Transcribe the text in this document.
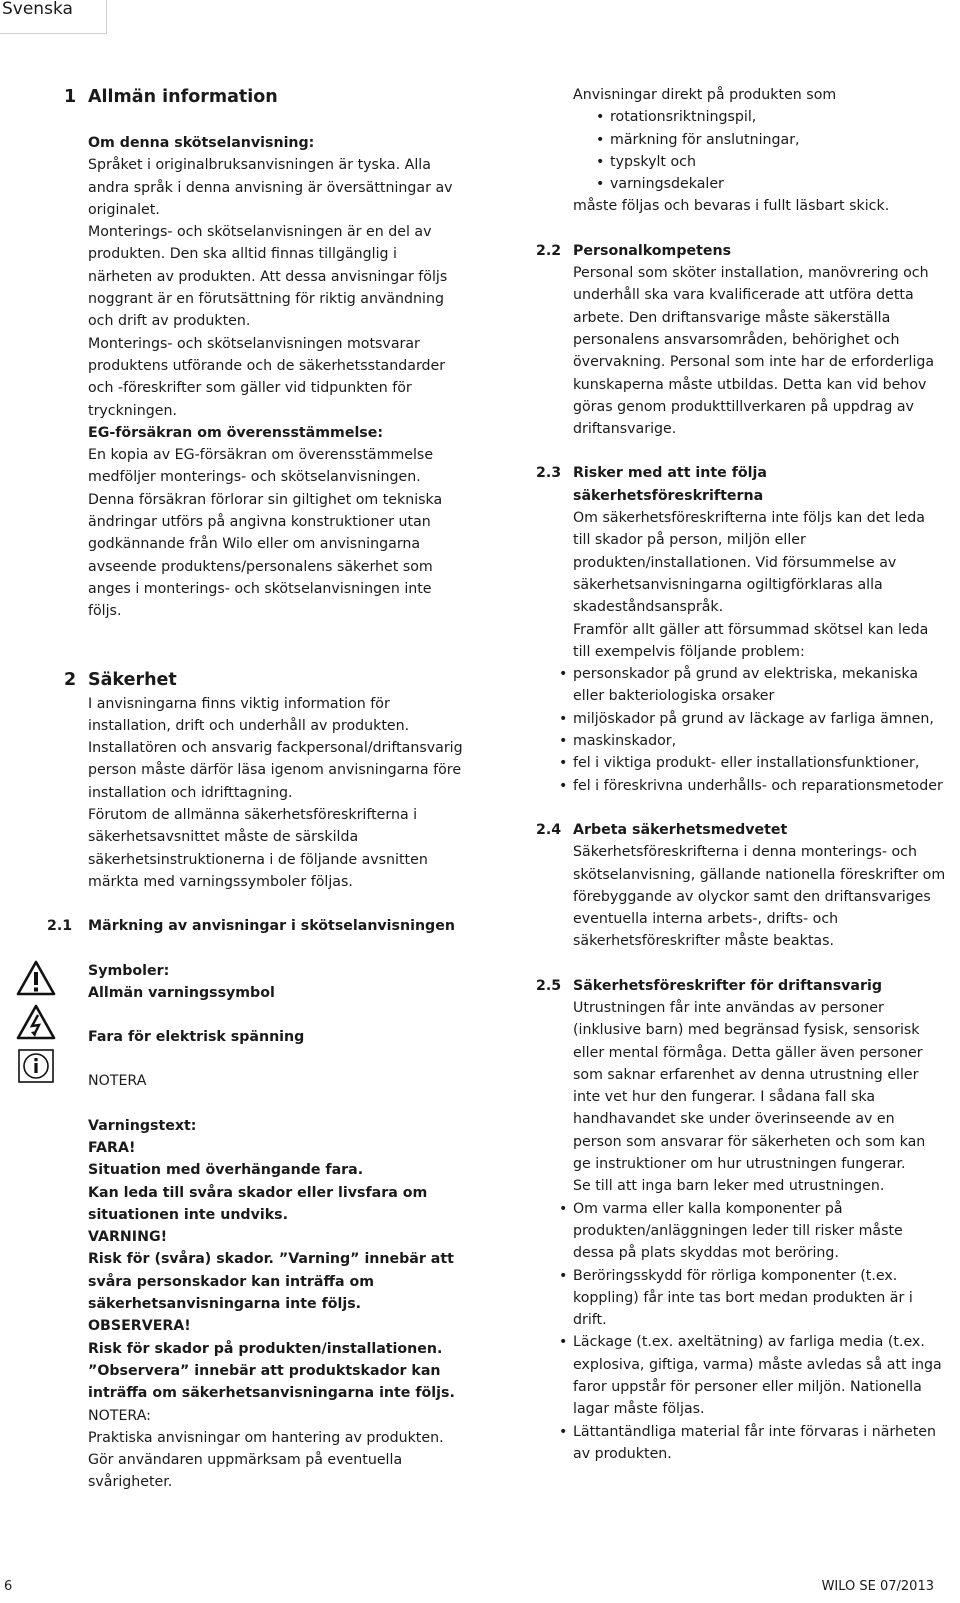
Svenska
1 Allmän information

Om denna skötselanvisning:

Språket i originalbruksanvisningen är tyska. Alla andra språk i denna anvisning är översättningar av originalet.

Monterings- och skötselanvisningen är en del av produkten. Den ska alltid finnas tillgänglig i närheten av produkten. Att dessa anvisningar följs noggrant är en förutsättning för riktig användning och drift av produkten.

Monterings- och skötselanvisningen motsvarar produktens utförande och de säkerhetsstandarder och -föreskrifter som gäller vid tidpunkten för tryckningen.

EG-försäkran om överensstämmelse:

En kopia av EG-försäkran om överensstämmelse medföljer monterings- och skötselanvisningen.

Denna försäkran förlorar sin giltighet om tekniska ändringar utförs på angivna konstruktioner utan godkännande från Wilo eller om anvisningarna avseende produktens/personalens säkerhet som anges i monterings- och skötselanvisningen inte följs.

2 Säkerhet

I anvisningarna finns viktig information för installation, drift och underhåll av produkten. Installatören och ansvarig fackpersonal/driftansvarig person måste därför läsa igenom anvisningarna före installation och idrifttagning.

Förutom de allmänna säkerhetsföreskrifterna i säkerhetsavsnittet måste de särskilda säkerhetsinstruktionerna i de följande avsnitten märkta med varningssymboler följas.

2.1	Märkning av anvisningar i skötselanvisningen

Symboler:

Allmän varningssymbol

Fara för elektrisk spänning

NOTERA

Varningstext:

FARA!

Situation med överhängande fara.

Kan leda till svåra skador eller livsfara om situationen inte undviks.

VARNING!

Risk för (svåra) skador. ”Varning” innebär att svåra personskador kan inträffa om säkerhetsanvisningarna inte följs.

OBSERVERA!

Risk för skador på produkten/installationen. ”Observera” innebär att produktskador kan inträffa om säkerhetsanvisningarna inte följs.

NOTERA:

Praktiska anvisningar om hantering av produkten. Gör användaren uppmärksam på eventuella svårigheter.

Anvisningar direkt på produkten som

• rotationsriktningspil,
• märkning för anslutningar,
• typskylt och
• varningsdekaler

måste följas och bevaras i fullt läsbart skick.

2.2 Personalkompetens

Personal som sköter installation, manövrering och underhåll ska vara kvalificerade att utföra detta arbete. Den driftansvarige måste säkerställa personalens ansvarsområden, behörighet och övervakning. Personal som inte har de erforderliga kunskaperna måste utbildas. Detta kan vid behov göras genom produkttillverkaren på uppdrag av driftansvarige.

2.3 Risker med att inte följa
säkerhetsföreskrifterna

Om säkerhetsföreskrifterna inte följs kan det leda till skador på person, miljön eller produkten/installationen. Vid försummelse av säkerhetsanvisningarna ogiltigförklaras alla skadeståndsanspråk.

Framför allt gäller att försummad skötsel kan leda till exempelvis följande problem:

• personskador på grund av elektriska, mekaniska eller bakteriologiska orsaker
• miljöskador på grund av läckage av farliga ämnen,
• maskinskador,
• fel i viktiga produkt- eller installationsfunktioner,
• fel i föreskrivna underhålls- och reparationsmetoder
2.4 Arbeta säkerhetsmedvetet

Säkerhetsföreskrifterna i denna monterings- och skötselanvisning, gällande nationella föreskrifter om förebyggande av olyckor samt den driftansvariges eventuella interna arbets-, drifts- och säkerhetsföreskrifter måste beaktas.

2.5 Säkerhetsföreskrifter för driftansvarig

Utrustningen får inte användas av personer (inklusive barn) med begränsad fysisk, sensorisk eller mental förmåga. Detta gäller även personer som saknar erfarenhet av denna utrustning eller inte vet hur den fungerar. I sådana fall ska handhavandet ske under överinseende av en person som ansvarar för säkerheten och som kan ge instruktioner om hur utrustningen fungerar.

Se till att inga barn leker med utrustningen.

• Om varma eller kalla komponenter på produkten/anläggningen leder till risker måste dessa på plats skyddas mot beröring.
• Beröringsskydd för rörliga komponenter (t.ex. koppling) får inte tas bort medan produkten är i drift.
• Läckage (t.ex. axeltätning) av farliga media (t.ex. explosiva, giftiga, varma) måste avledas så att inga faror uppstår för personer eller miljön. Nationella lagar måste följas.
• Lättantändliga material får inte förvaras i närheten av produkten.
6	WILO SE 07/2013
